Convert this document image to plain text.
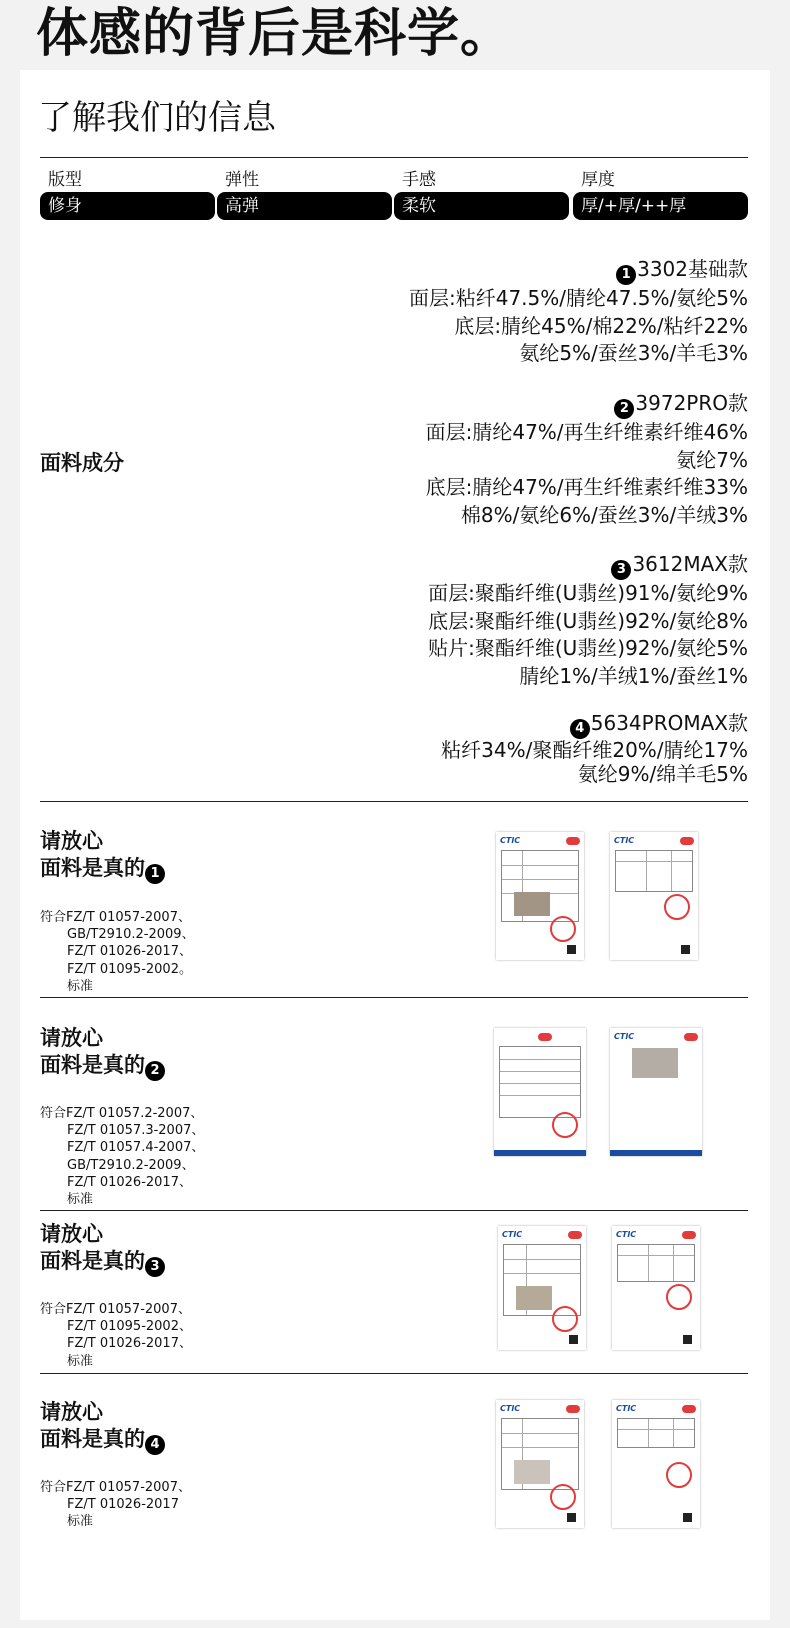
体感的背后是科学。
了解我们的信息
版型
修身
弹性
高弹
手感
柔软
厚度
厚/+厚/++厚
面料成分
1 3302基础款
面层:粘纤47.5%/腈纶47.5%/氨纶5%
底层:腈纶45%/棉22%/粘纤22%
氨纶5%/蚕丝3%/羊毛3%
2 3972PRO款
面层:腈纶47%/再生纤维素纤维46%
氨纶7%
底层:腈纶47%/再生纤维素纤维33%
棉8%/氨纶6%/蚕丝3%/羊绒3%
3 3612MAX款
面层:聚酯纤维(U翡丝)91%/氨纶9%
底层:聚酯纤维(U翡丝)92%/氨纶8%
贴片:聚酯纤维(U翡丝)92%/氨纶5%
腈纶1%/羊绒1%/蚕丝1%
4 5634PROMAX款
粘纤34%/聚酯纤维20%/腈纶17%
氨纶9%/绵羊毛5%
请放心
面料是真的 1
符合FZ/T 01057-2007、
GB/T2910.2-2009、
FZ/T 01026-2017、
FZ/T 01095-2002。
标准
CTIC	CTIC
请放心
面料是真的 2
符合FZ/T 01057.2-2007、
FZ/T 01057.3-2007、
FZ/T 01057.4-2007、
GB/T2910.2-2009、
FZ/T 01026-2017、
标准
CTIC
请放心
面料是真的 3
符合FZ/T 01057-2007、
FZ/T 01095-2002、
FZ/T 01026-2017、
标准
CTIC	CTIC
请放心
面料是真的 4
符合FZ/T 01057-2007、
FZ/T 01026-2017
标准
CTIC	CTIC
